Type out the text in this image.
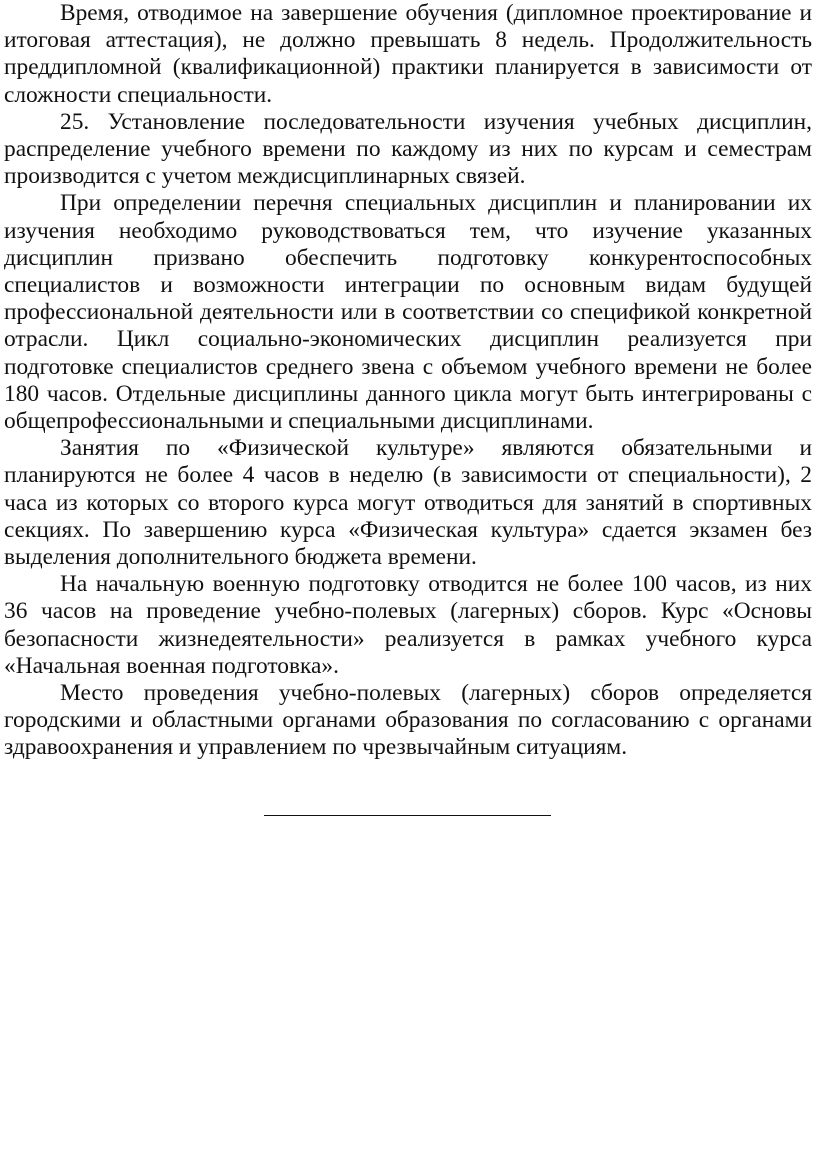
Время, отводимое на завершение обучения (дипломное проектирование и итоговая аттестация), не должно превышать 8 недель. Продолжительность преддипломной (квалификационной) практики планируется в зависимости от сложности специальности.

25. Установление последовательности изучения учебных дисциплин, распределение учебного времени по каждому из них по курсам и семестрам производится с учетом междисциплинарных связей.

При определении перечня специальных дисциплин и планировании их изучения необходимо руководствоваться тем, что изучение указанных дисциплин призвано обеспечить подготовку конкурентоспособных специалистов и возможности интеграции по основным видам будущей профессиональной деятельности или в соответствии со спецификой конкретной отрасли. Цикл социально-экономических дисциплин реализуется при подготовке специалистов среднего звена с объемом учебного времени не более 180 часов. Отдельные дисциплины данного цикла могут быть интегрированы с общепрофессиональными и специальными дисциплинами.

Занятия по «Физической культуре» являются обязательными и планируются не более 4 часов в неделю (в зависимости от специальности), 2 часа из которых со второго курса могут отводиться для занятий в спортивных секциях. По завершению курса «Физическая культура» сдается экзамен без выделения дополнительного бюджета времени.

На начальную военную подготовку отводится не более 100 часов, из них 36 часов на проведение учебно-полевых (лагерных) сборов. Курс «Основы безопасности жизнедеятельности» реализуется в рамках учебного курса «Начальная военная подготовка».

Место проведения учебно-полевых (лагерных) сборов определяется городскими и областными органами образования по согласованию с органами здравоохранения и управлением по чрезвычайным ситуациям.
